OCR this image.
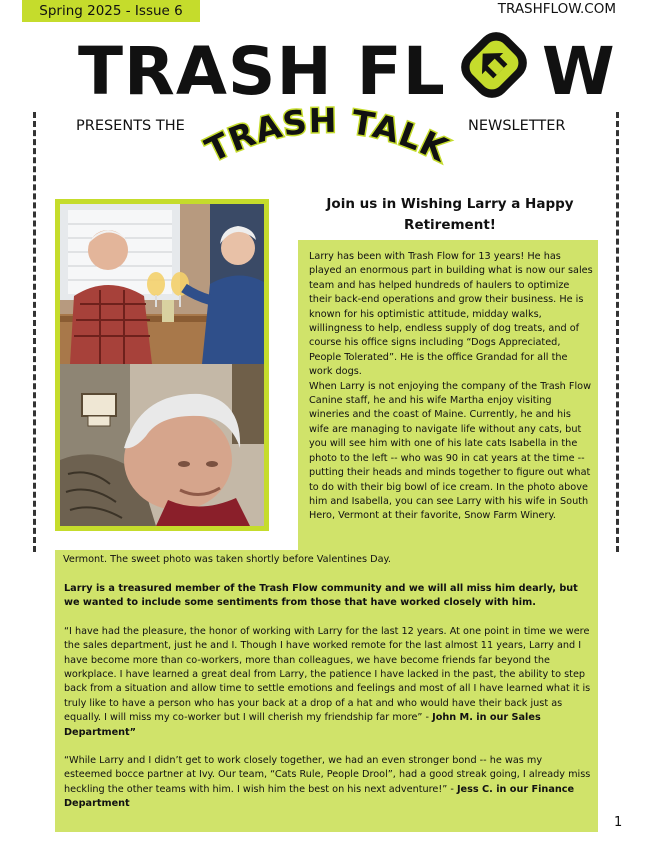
Spring 2025 - Issue 6	TRASHFLOW.COM
TRASH FL W
PRESENTS THE	NEWSLETTER
TRASH TALK
Join us in Wishing Larry a Happy Retirement!
Larry has been with Trash Flow for 13 years! He has played an enormous part in building what is now our sales team and has helped hundreds of haulers to optimize their back-end operations and grow their business. He is known for his optimistic attitude, midday walks, willingness to help, endless supply of dog treats, and of course his office signs including “Dogs Appreciated, People Tolerated”. He is the office Grandad for all the work dogs.
When Larry is not enjoying the company of the Trash Flow Canine staff, he and his wife Martha enjoy visiting wineries and the coast of Maine. Currently, he and his wife are managing to navigate life without any cats, but you will see him with one of his late cats Isabella in the photo to the left -- who was 90 in cat years at the time -- putting their heads and minds together to figure out what to do with their big bowl of ice cream. In the photo above him and Isabella, you can see Larry with his wife in South Hero, Vermont at their favorite, Snow Farm Winery.

Vermont. The sweet photo was taken shortly before Valentines Day.

Larry is a treasured member of the Trash Flow community and we will all miss him dearly, but we wanted to include some sentiments from those that have worked closely with him.

“I have had the pleasure, the honor of working with Larry for the last 12 years. At one point in time we were the sales department, just he and I. Though I have worked remote for the last almost 11 years, Larry and I have become more than co-workers, more than colleagues, we have become friends far beyond the workplace. I have learned a great deal from Larry, the patience I have lacked in the past, the ability to step back from a situation and allow time to settle emotions and feelings and most of all I have learned what it is truly like to have a person who has your back at a drop of a hat and who would have their back just as equally. I will miss my co-worker but I will cherish my friendship far more” - John M. in our Sales Department”

“While Larry and I didn’t get to work closely together, we had an even stronger bond -- he was my esteemed bocce partner at Ivy. Our team, “Cats Rule, People Drool”, had a good streak going, I already miss heckling the other teams with him. I wish him the best on his next adventure!” - Jess C. in our Finance Department

1
